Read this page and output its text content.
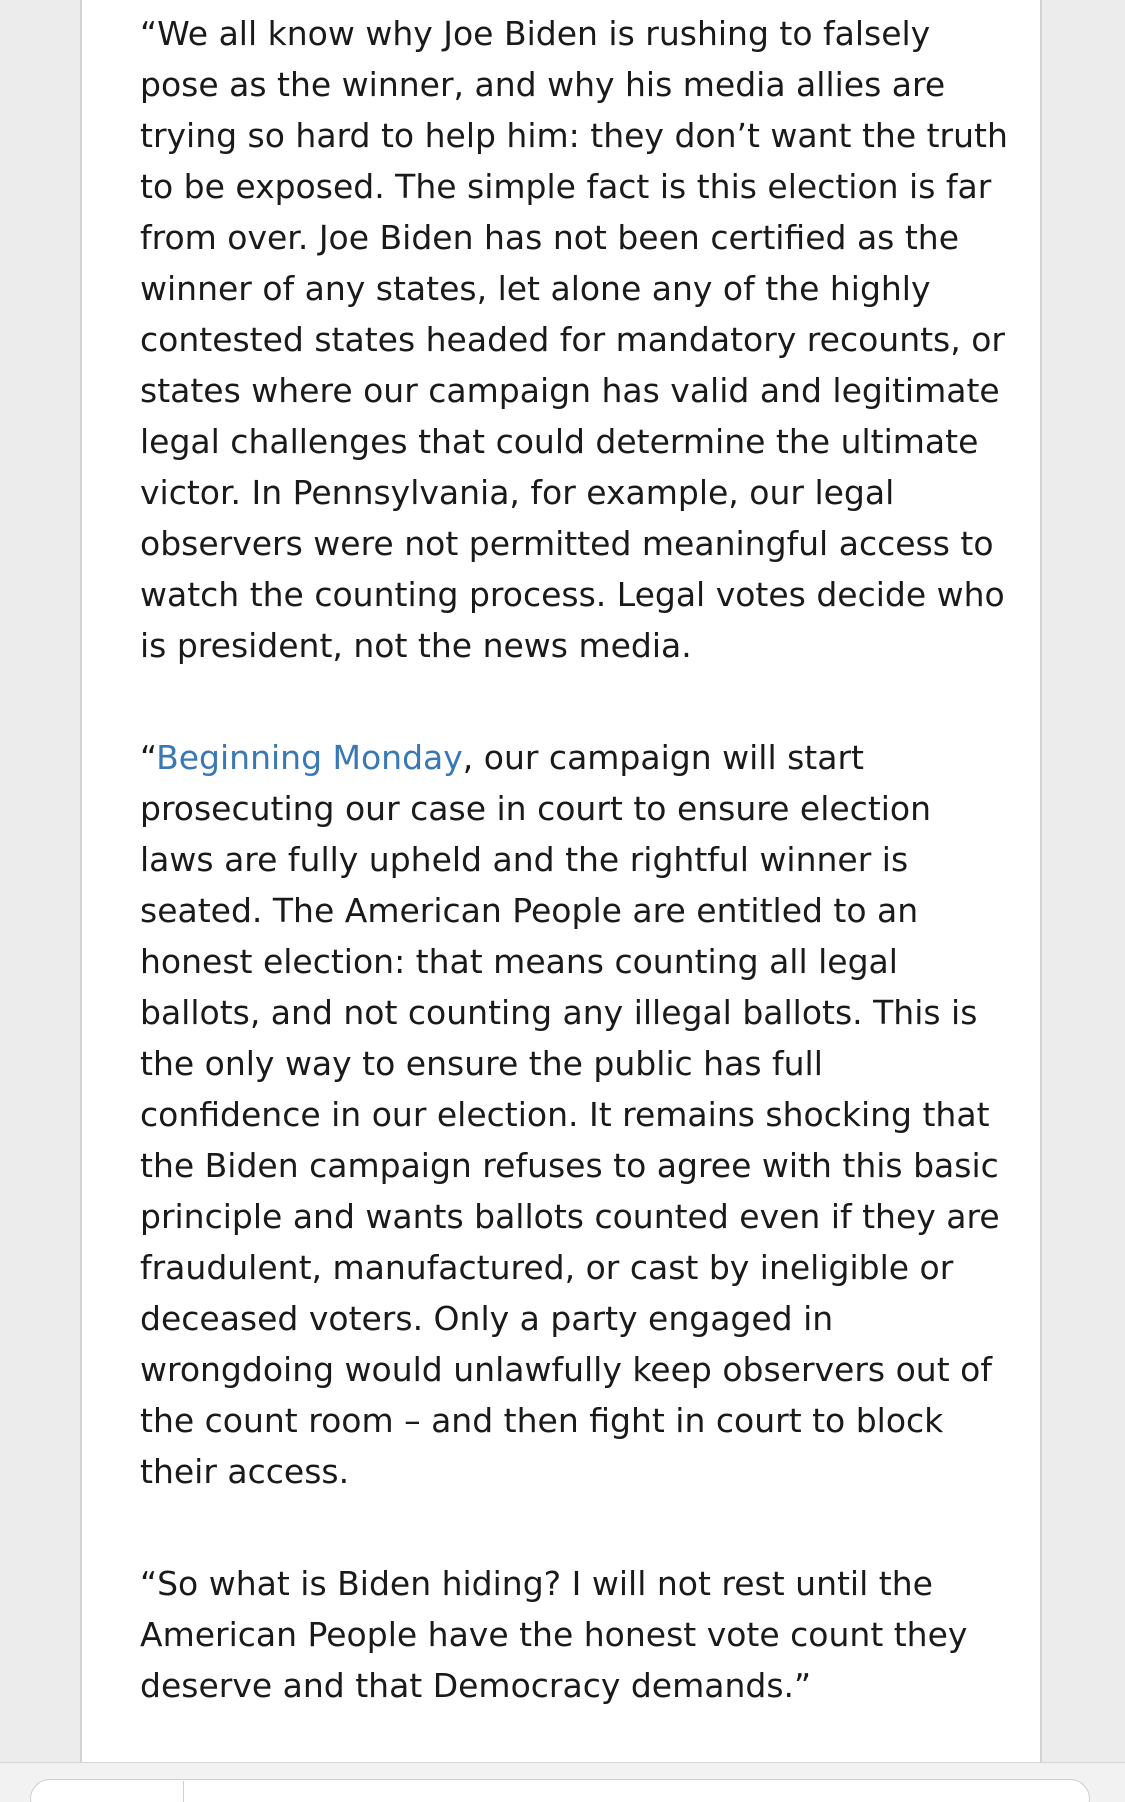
“We all know why Joe Biden is rushing to falsely pose as the winner, and why his media allies are trying so hard to help him: they don’t want the truth to be exposed. The simple fact is this election is far from over. Joe Biden has not been certified as the winner of any states, let alone any of the highly contested states headed for mandatory recounts, or states where our campaign has valid and legitimate legal challenges that could determine the ultimate victor. In Pennsylvania, for example, our legal observers were not permitted meaningful access to watch the counting process. Legal votes decide who is president, not the news media.

“Beginning Monday, our campaign will start prosecuting our case in court to ensure election laws are fully upheld and the rightful winner is seated. The American People are entitled to an honest election: that means counting all legal ballots, and not counting any illegal ballots. This is the only way to ensure the public has full confidence in our election. It remains shocking that the Biden campaign refuses to agree with this basic principle and wants ballots counted even if they are fraudulent, manufactured, or cast by ineligible or deceased voters. Only a party engaged in wrongdoing would unlawfully keep observers out of the count room – and then fight in court to block their access.

“So what is Biden hiding? I will not rest until the American People have the honest vote count they deserve and that Democracy demands.”
